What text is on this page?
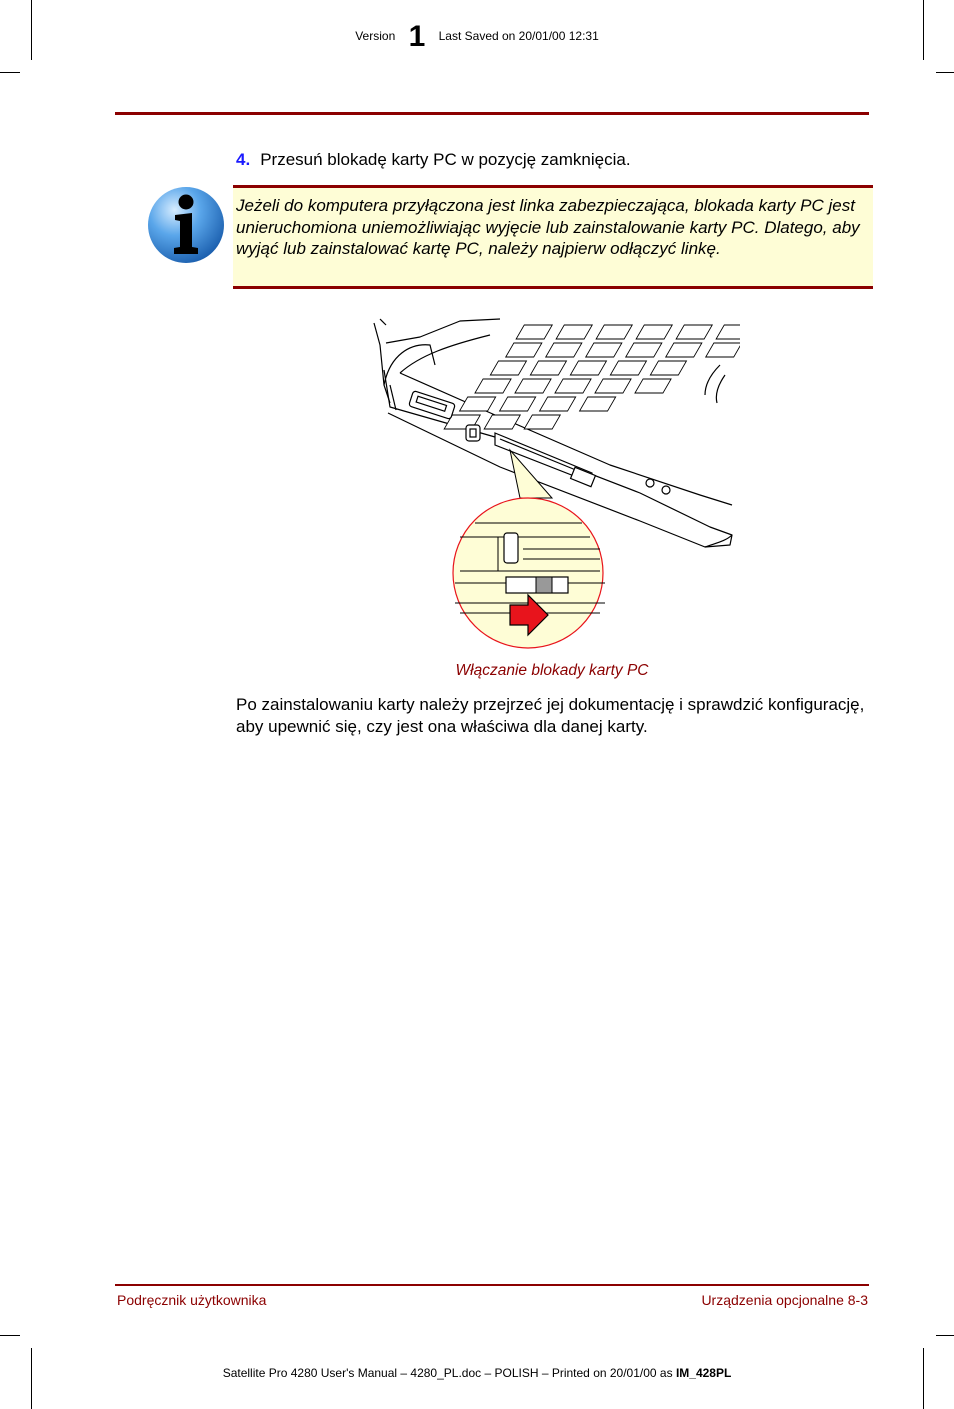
Version 1 Last Saved on 20/01/00 12:31
4. Przesuń blokadę karty PC w pozycję zamknięcia.
Jeżeli do komputera przyłączona jest linka zabezpieczająca, blokada karty PC jest unieruchomiona uniemożliwiając wyjęcie lub zainstalowanie karty PC. Dlatego, aby wyjąć lub zainstalować kartę PC, należy najpierw odłączyć linkę.
Włączanie blokady karty PC
Po zainstalowaniu karty należy przejrzeć jej dokumentację i sprawdzić konfigurację, aby upewnić się, czy jest ona właściwa dla danej karty.
Podręcznik użytkownika	Urządzenia opcjonalne 8-3
Satellite Pro 4280 User's Manual – 4280_PL.doc – POLISH – Printed on 20/01/00 as IM_428PL
